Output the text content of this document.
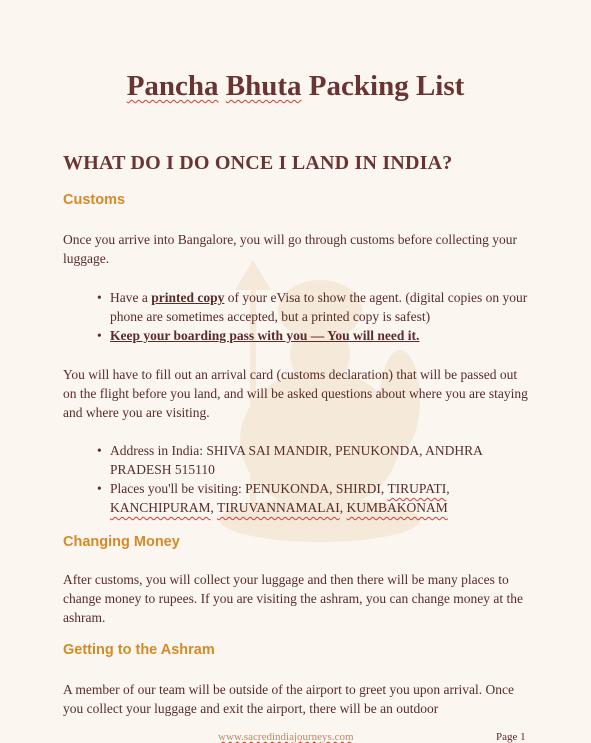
Pancha Bhuta Packing List
WHAT DO I DO ONCE I LAND IN INDIA?
Customs
Once you arrive into Bangalore, you will go through customs before collecting your luggage.
• Have a printed copy of your eVisa to show the agent. (digital copies on your phone are sometimes accepted, but a printed copy is safest)
• Keep your boarding pass with you — You will need it.
You will have to fill out an arrival card (customs declaration) that will be passed out on the flight before you land, and will be asked questions about where you are staying and where you are visiting.
• Address in India: SHIVA SAI MANDIR, PENUKONDA, ANDHRA PRADESH 515110
• Places you'll be visiting: PENUKONDA, SHIRDI, TIRUPATI, KANCHIPURAM, TIRUVANNAMALAI, KUMBAKONAM
Changing Money
After customs, you will collect your luggage and then there will be many places to change money to rupees. If you are visiting the ashram, you can change money at the ashram.
Getting to the Ashram
A member of our team will be outside of the airport to greet you upon arrival. Once you collect your luggage and exit the airport, there will be an outdoor
www.sacredindiajourneys.com	Page 1
